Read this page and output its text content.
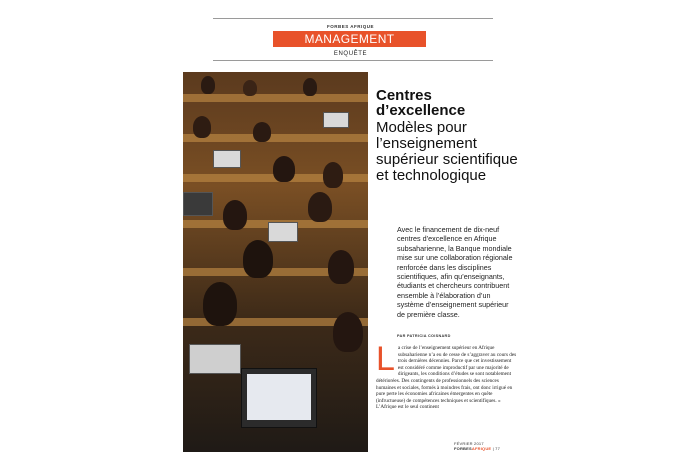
FORBES AFRIQUE
MANAGEMENT
ENQUÊTE
Centres d’excellence
Modèles pour l’enseignement supérieur scientifique et technologique
Avec le financement de dix-neuf centres d’excellence en Afrique subsaharienne, la Banque mondiale mise sur une collaboration régionale renforcée dans les disciplines scientifiques, afin qu’enseignants, étudiants et chercheurs contribuent ensemble à l’élaboration d’un système d’enseignement supérieur de première classe.
PAR PATRICIA COISNARD
L a crise de l’enseignement supérieur en Afrique subsaharienne n’a eu de cesse de s’aggraver au cours des trois dernières décennies. Parce que cet investissement est considéré comme improductif par une majorité de dirigeants, les conditions d’études se sont notablement détériorées. Des contingents de professionnels des sciences humaines et sociales, formés à moindres frais, ont donc irrigué en pure perte les économies africaines émergentes en quête (infructueuse) de compétences techniques et scientifiques. « L’Afrique est le seul continent

FÉVRIER 2017 FORBESAFRIQUE | 77
